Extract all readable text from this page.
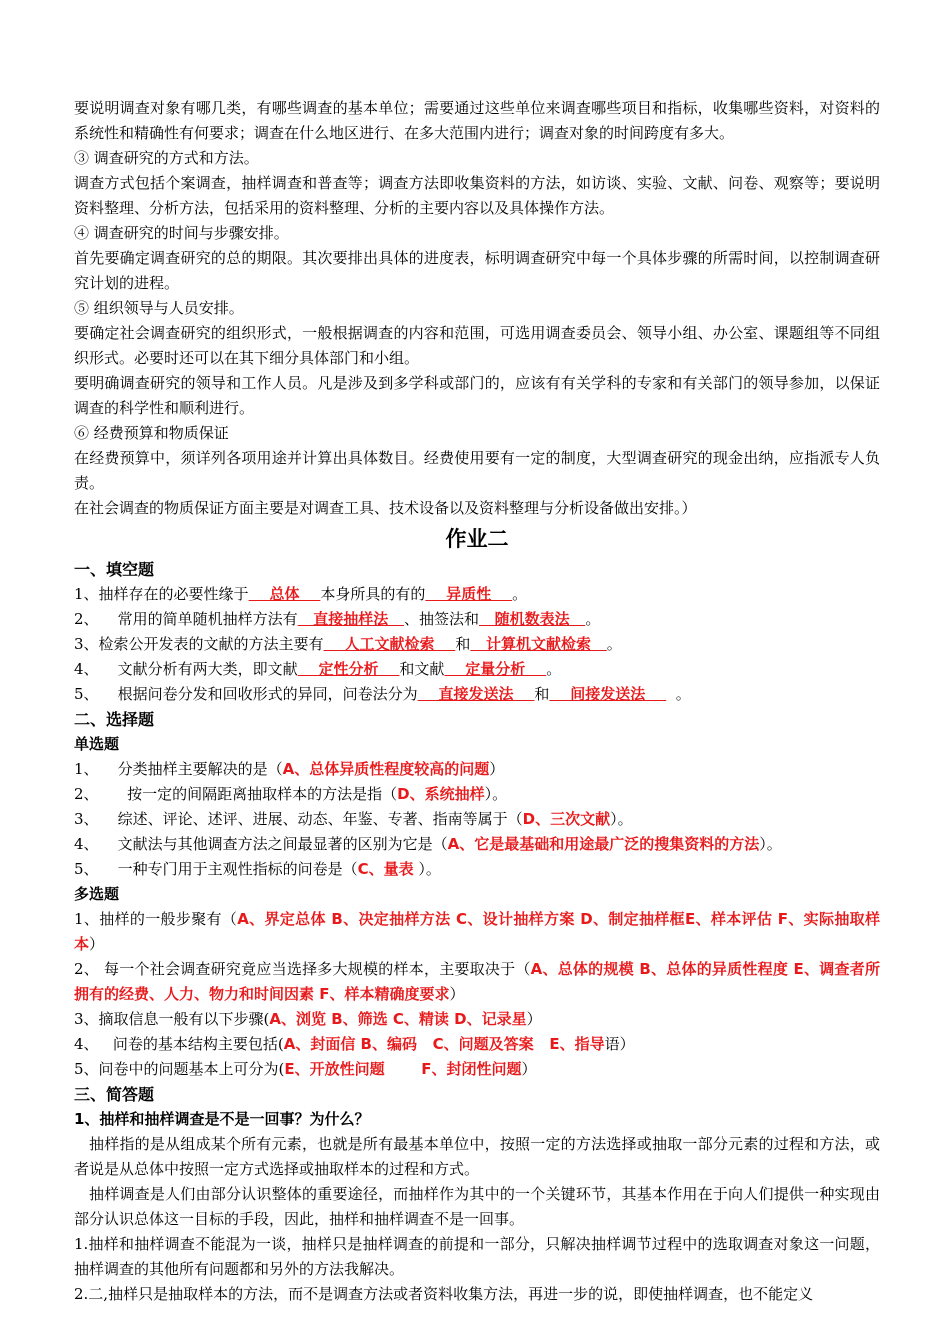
要说明调查对象有哪几类，有哪些调查的基本单位；需要通过这些单位来调查哪些项目和指标，收集哪些资料，对资料的系统性和精确性有何要求；调查在什么地区进行、在多大范围内进行；调查对象的时间跨度有多大。

③ 调查研究的方式和方法。

调查方式包括个案调查，抽样调查和普查等；调查方法即收集资料的方法，如访谈、实验、文献、问卷、观察等；要说明资料整理、分析方法，包括采用的资料整理、分析的主要内容以及具体操作方法。

④ 调查研究的时间与步骤安排。

首先要确定调查研究的总的期限。其次要排出具体的进度表，标明调查研究中每一个具体步骤的所需时间，以控制调查研究计划的进程。

⑤ 组织领导与人员安排。

要确定社会调查研究的组织形式，一般根据调查的内容和范围，可选用调查委员会、领导小组、办公室、课题组等不同组织形式。必要时还可以在其下细分具体部门和小组。

要明确调查研究的领导和工作人员。凡是涉及到多学科或部门的，应该有有关学科的专家和有关部门的领导参加，以保证调查的科学性和顺利进行。

⑥ 经费预算和物质保证

在经费预算中，须详列各项用途并计算出具体数目。经费使用要有一定的制度，大型调查研究的现金出纳，应指派专人负责。

在社会调查的物质保证方面主要是对调查工具、技术设备以及资料整理与分析设备做出安排。）

作业二
一、填空题

1、抽样存在的必要性缘于    总体    本身所具的有的    异质性    。

2、    常用的简单随机抽样方法有   直接抽样法   、抽签法和   随机数表法   。

3、检索公开发表的文献的方法主要有    人工文献检索    和   计算机文献检索   。

4、    文献分析有两大类，即文献    定性分析    和文献    定量分析    。

5、    根据问卷分发和回收形式的异同，问卷法分为    直接发送法    和    间接发送法      。

二、选择题
单选题

1、    分类抽样主要解决的是（A、总体异质性程度较高的问题）

2、      按一定的间隔距离抽取样本的方法是指（D、系统抽样）。

3、    综述、评论、述评、进展、动态、年鉴、专著、指南等属于（D、三次文献）。

4、    文献法与其他调查方法之间最显著的区别为它是（A、它是最基础和用途最广泛的搜集资料的方法）。

5、    一种专门用于主观性指标的问卷是（C、量表 ）。

多选题

1、抽样的一般步聚有（A、界定总体 B、决定抽样方法 C、设计抽样方案 D、制定抽样框E、样本评估 F、实际抽取样本）

2、 每一个社会调查研究竟应当选择多大规模的样本，主要取决于（A、总体的规模 B、总体的异质性程度 E、调查者所拥有的经费、人力、物力和时间因素 F、样本精确度要求）

3、摘取信息一般有以下步骤(A、浏览 B、筛选 C、精读 D、记录星）

4、   问卷的基本结构主要包括(A、封面信 B、编码   C、问题及答案   E、指导语）

5、问卷中的问题基本上可分为(E、开放性问题       F、封闭性问题）

三、简答题
1、抽样和抽样调查是不是一回事？为什么？

抽样指的是从组成某个所有元素，也就是所有最基本单位中，按照一定的方法选择或抽取一部分元素的过程和方法，或者说是从总体中按照一定方式选择或抽取样本的过程和方式。

抽样调查是人们由部分认识整体的重要途径，而抽样作为其中的一个关键环节，其基本作用在于向人们提供一种实现由部分认识总体这一目标的手段，因此，抽样和抽样调查不是一回事。

1.抽样和抽样调查不能混为一谈，抽样只是抽样调查的前提和一部分，只解决抽样调节过程中的选取调查对象这一问题，抽样调查的其他所有问题都和另外的方法我解决。

2.二,抽样只是抽取样本的方法，而不是调查方法或者资料收集方法，再进一步的说，即使抽样调查，也不能定义
